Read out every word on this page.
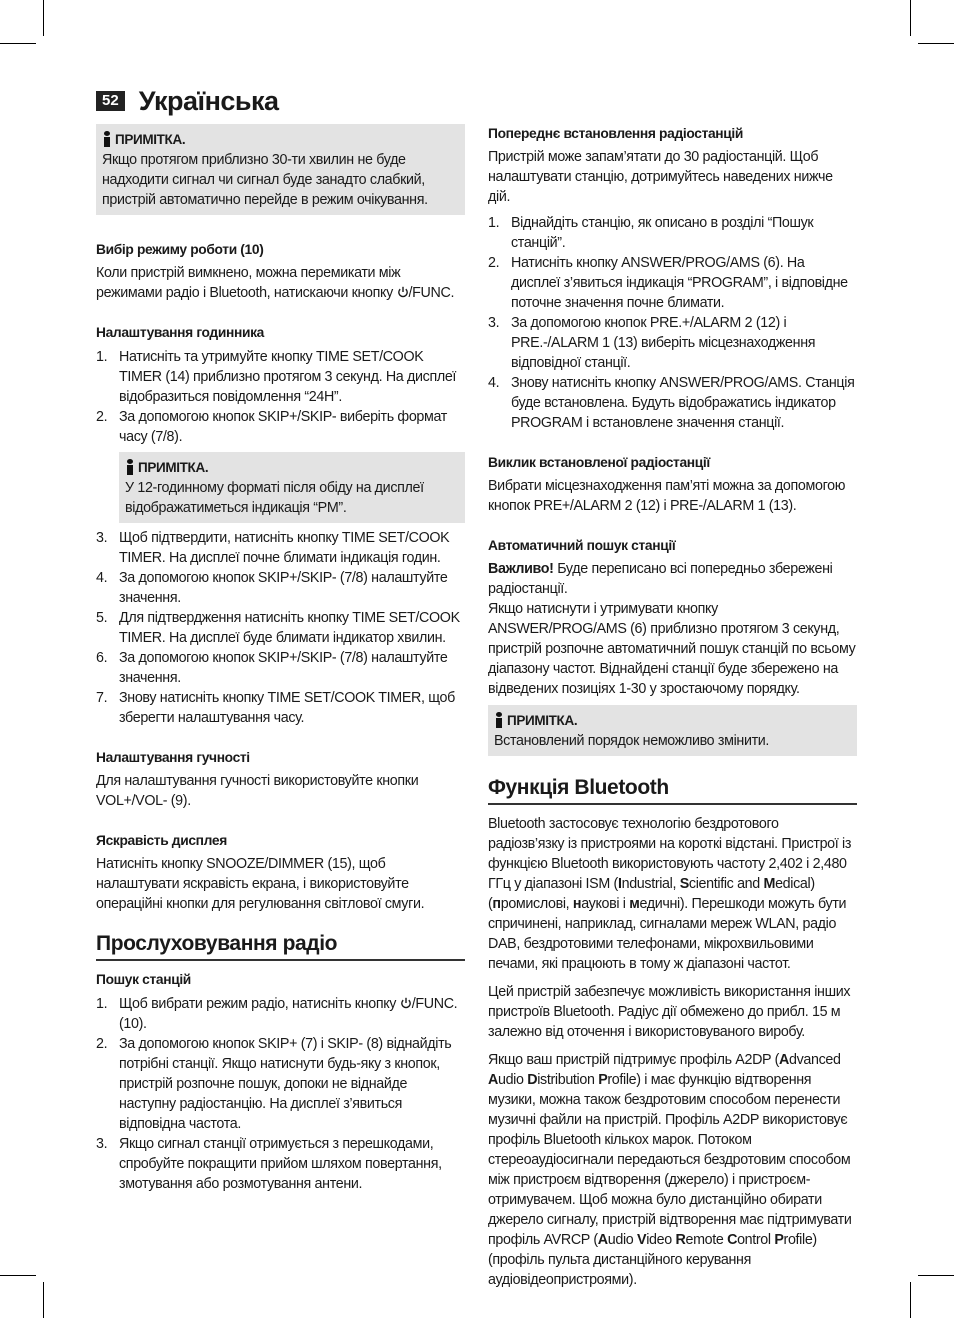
52 Українська
ПРИМІТКА.

Якщо протягом приблизно 30-ти хвилин не буде надходити сигнал чи сигнал буде занадто слабкий, пристрій автоматично перейде в режим очікування.

Вибір режиму роботи (10)

Коли пристрій вимкнено, можна перемикати між режимами радіо і Bluetooth, натискаючи кнопку /FUNC.

Налаштування годинника
1. Натисніть та утримуйте кнопку TIME SET/COOK TIMER (14) приблизно протягом 3 секунд. На дисплеї відобразиться повідомлення “24H”.
2. За допомогою кнопок SKIP+/SKIP- виберіть формат часу (7/8).
ПРИМІТКА.

У 12-годинному форматі після обіду на дисплеї відображатиметься індикація “PM”.

3. Щоб підтвердити, натисніть кнопку TIME SET/COOK TIMER. На дисплеї почне блимати індикація годин.
4. За допомогою кнопок SKIP+/SKIP- (7/8) налаштуйте значення.
5. Для підтвердження натисніть кнопку TIME SET/COOK TIMER. На дисплеї буде блимати індикатор хвилин.
6. За допомогою кнопок SKIP+/SKIP- (7/8) налаштуйте значення.
7. Знову натисніть кнопку TIME SET/COOK TIMER, щоб зберегти налаштування часу.
Налаштування гучності

Для налаштування гучності використовуйте кнопки VOL+/VOL- (9).

Яскравість дисплея

Натисніть кнопку SNOOZE/DIMMER (15), щоб налаштувати яскравість екрана, і використовуйте операційні кнопки для регулювання світлової смуги.

Прослуховування радіо
Пошук станцій
1. Щоб вибрати режим радіо, натисніть кнопку /FUNC. (10).
2. За допомогою кнопок SKIP+ (7) і SKIP- (8) віднайдіть потрібні станції. Якщо натиснути будь-яку з кнопок, пристрій розпочне пошук, допоки не віднайде наступну радіостанцію. На дисплеї з’явиться відповідна частота.
3. Якщо сигнал станції отримується з перешкодами, спробуйте покращити прийом шляхом повертання, змотування або розмотування антени.
Попереднє встановлення радіостанцій

Пристрій може запам’ятати до 30 радіостанцій. Щоб налаштувати станцію, дотримуйтесь наведених нижче дій.

1. Віднайдіть станцію, як описано в розділі “Пошук станцій”.
2. Натисніть кнопку ANSWER/PROG/AMS (6). На дисплеї з’явиться індикація “PROGRAM”, і відповідне поточне значення почне блимати.
3. За допомогою кнопок PRE.+/ALARM 2 (12) і PRE.-/ALARM 1 (13) виберіть місцезнаходження відповідної станції.
4. Знову натисніть кнопку ANSWER/PROG/AMS. Станція буде встановлена. Будуть відображатись індикатор PROGRAM і встановлене значення станції.
Виклик встановленої радіостанції

Вибрати місцезнаходження пам’яті можна за допомогою кнопок PRE+/ALARM 2 (12) і PRE-/ALARM 1 (13).

Автоматичний пошук станції

Важливо! Буде переписано всі попередньо збережені радіостанції.

Якщо натиснути і утримувати кнопку ANSWER/PROG/AMS (6) приблизно протягом 3 секунд, пристрій розпочне автоматичний пошук станцій по всьому діапазону частот. Віднайдені станції буде збережено на відведених позиціях 1-30 у зростаючому порядку.

ПРИМІТКА.

Встановлений порядок неможливо змінити.

Функція Bluetooth

Bluetooth застосовує технологію бездротового радіозв’язку із пристроями на короткі відстані. Пристрої із функцією Bluetooth використовують частоту 2,402 і 2,480 ГГц у діапазоні ISM (Industrial, Scientific and Medical) (промислові, наукові і медичні). Перешкоди можуть бути спричинені, наприклад, сигналами мереж WLAN, радіо DAB, бездротовими телефонами, мікрохвильовими печами, які працюють в тому ж діапазоні частот.

Цей пристрій забезпечує можливість використання інших пристроїв Bluetooth. Радіус дії обмежено до прибл. 15 м залежно від оточення і використовуваного виробу.

Якщо ваш пристрій підтримує профіль A2DP (Advanced Audio Distribution Profile) і має функцію відтворення музики, можна також бездротовим способом перенести музичні файли на пристрій. Профіль A2DP використовує профіль Bluetooth кількох марок. Потоком стереоаудіосигнали передаються бездротовим способом між пристроєм відтворення (джерело) і пристроєм-отримувачем. Щоб можна було дистанційно обирати джерело сигналу, пристрій відтворення має підтримувати профіль AVRCP (Audio Video Remote Control Profile) (профіль пульта дистанційного керування аудіовідеопристроями).
